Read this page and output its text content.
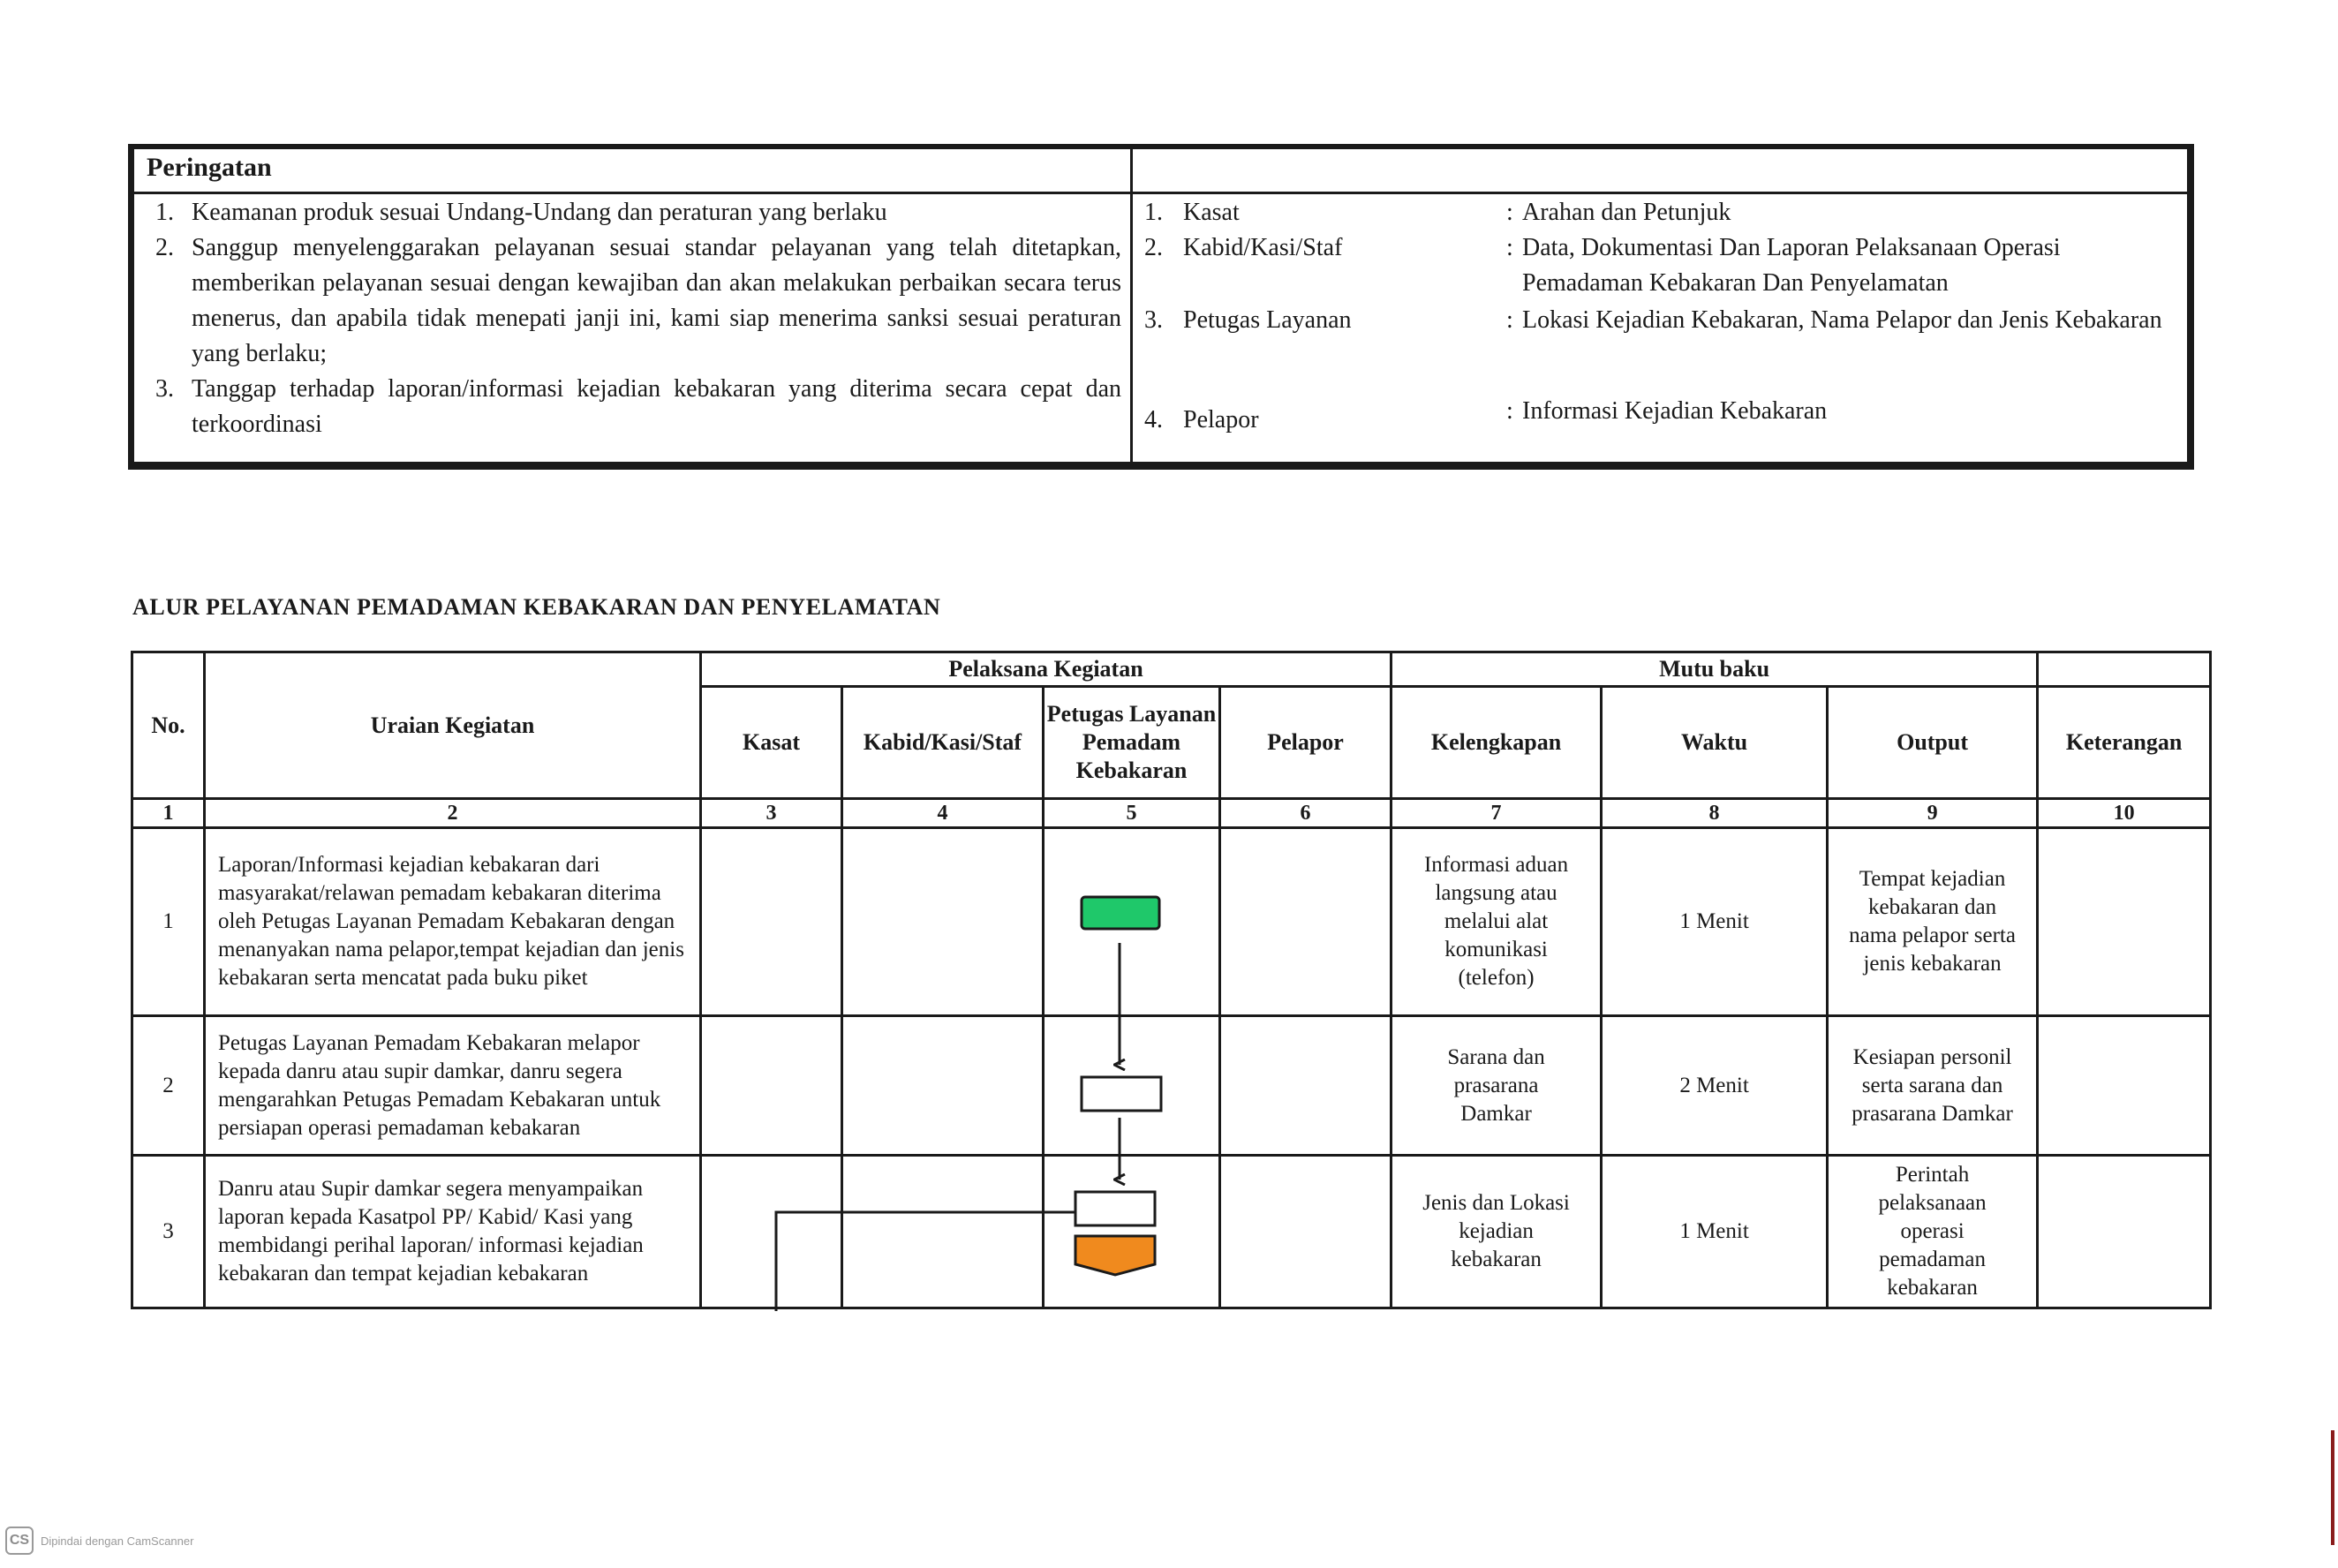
Peringatan
1. Keamanan produk sesuai Undang-Undang dan peraturan yang berlaku
2. Sanggup menyelenggarakan pelayanan sesuai standar pelayanan yang telah ditetapkan, memberikan pelayanan sesuai dengan kewajiban dan akan melakukan perbaikan secara terus menerus, dan apabila tidak menepati janji ini, kami siap menerima sanksi sesuai peraturan yang berlaku;
3. Tanggap terhadap laporan/informasi kejadian kebakaran yang diterima secara cepat dan terkoordinasi
1. Kasat	: Arahan dan Petunjuk
2. Kabid/Kasi/Staf	: Data, Dokumentasi Dan Laporan Pelaksanaan Operasi Pemadaman Kebakaran Dan Penyelamatan
3. Petugas Layanan	: Lokasi Kejadian Kebakaran, Nama Pelapor dan Jenis Kebakaran
4. Pelapor	: Informasi Kejadian Kebakaran
ALUR PELAYANAN PEMADAMAN KEBAKARAN DAN PENYELAMATAN
No.	Uraian Kegiatan	Pelaksana Kegiatan				Mutu baku			
		Kasat	Kabid/Kasi/Staf	Petugas Layanan Pemadam Kebakaran	Pelapor	Kelengkapan	Waktu	Output	Keterangan
1	2	3	4	5	6	7	8	9	10
1	Laporan/Informasi kejadian kebakaran dari masyarakat/relawan pemadam kebakaran diterima oleh Petugas Layanan Pemadam Kebakaran dengan menanyakan nama pelapor,tempat kejadian dan jenis kebakaran serta mencatat pada buku piket					Informasi aduan langsung atau melalui alat komunikasi (telefon)	1 Menit	Tempat kejadian kebakaran dan nama pelapor serta jenis kebakaran	
2	Petugas Layanan Pemadam Kebakaran melapor kepada danru atau supir damkar, danru segera mengarahkan Petugas Pemadam Kebakaran untuk persiapan operasi pemadaman kebakaran					Sarana dan prasarana Damkar	2 Menit	Kesiapan personil serta sarana dan prasarana Damkar	
3	Danru atau Supir damkar segera menyampaikan laporan kepada Kasatpol PP/ Kabid/ Kasi yang membidangi perihal laporan/ informasi kejadian kebakaran dan tempat kejadian kebakaran					Jenis dan Lokasi kejadian kebakaran	1 Menit	Perintah pelaksanaan operasi pemadaman kebakaran	
CS Dipindai dengan CamScanner
